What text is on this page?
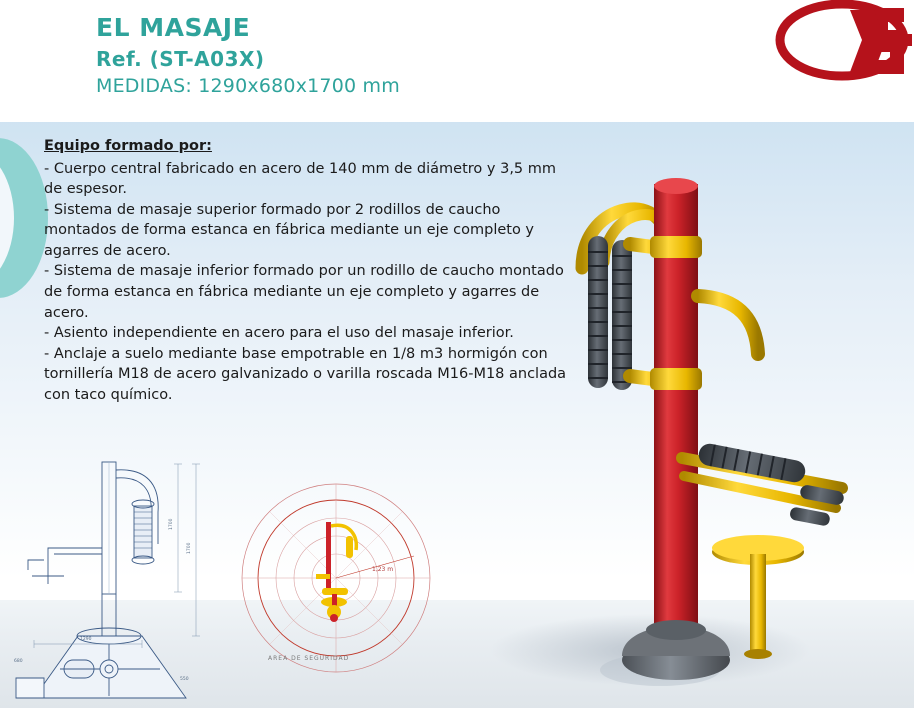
EL MASAJE
Ref. (ST-A03X)
MEDIDAS: 1290x680x1700 mm
Equipo formado por:
- Cuerpo central fabricado en acero de 140 mm de diámetro y 3,5 mm de espesor.
- Sistema de masaje superior formado por 2 rodillos de caucho montados de forma estanca en fábrica mediante un eje completo y agarres de acero.
- Sistema de masaje inferior formado por un rodillo de caucho montado de forma estanca en fábrica mediante un eje completo y agarres de acero.
- Asiento independiente en acero para el uso del masaje inferior.
- Anclaje a suelo mediante base empotrable en 1/8 m3 hormigón con tornillería M18 de acero galvanizado o varilla roscada M16-M18 anclada con taco químico.
1700
1700
1290
680
550
AREA DE SEGURIDAD
1,23 m
